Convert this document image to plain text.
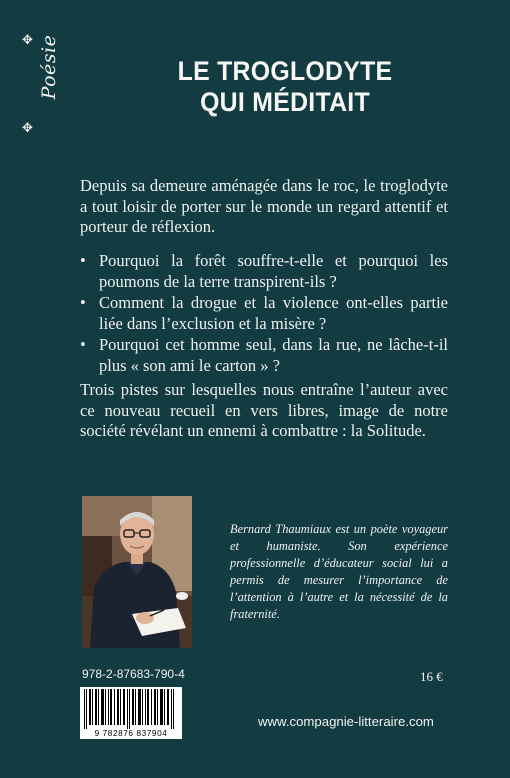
✥ Poésie
✥
LE TROGLODYTE
QUI MÉDITAIT

Depuis sa demeure aménagée dans le roc, le troglodyte a tout loisir de porter sur le monde un regard attentif et porteur de réflexion.

• Pourquoi la forêt souffre-t-elle et pourquoi les poumons de la terre transpirent-ils ?
• Comment la drogue et la violence ont-elles partie liée dans l’exclusion et la misère ?
• Pourquoi cet homme seul, dans la rue, ne lâche-t-il plus « son ami le carton » ?

Trois pistes sur lesquelles nous entraîne l’auteur avec ce nouveau recueil en vers libres, image de notre société révélant un ennemi à combattre : la Solitude.

Bernard Thaumiaux est un poète voyageur et humaniste. Son expérience professionnelle d’éducateur social lui a permis de mesurer l’importance de l’attention à l’autre et la nécessité de la fraternité.

978-2-87683-790-4	16 €
9 782876 837904
www.compagnie-litteraire.com
